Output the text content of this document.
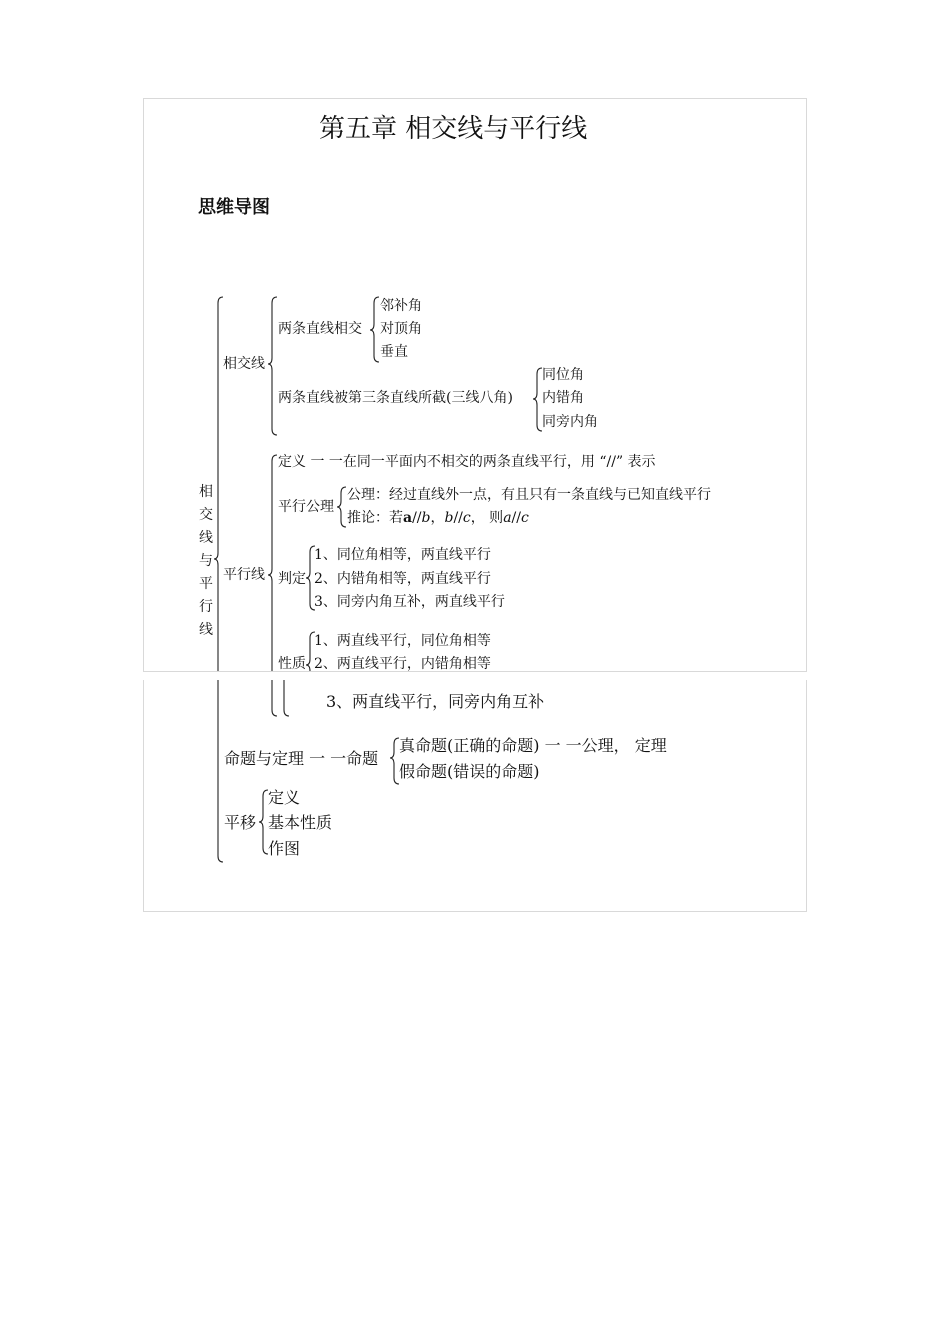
第五章 相交线与平行线
思维导图
相交线与平行线
相交线
两条直线相交
邻补角
对顶角
垂直
两条直线被第三条直线所截(三线八角)
同位角
内错角
同旁内角
平行线
定义 一 一在同一平面内不相交的两条直线平行，用 “//” 表示
平行公理
公理：经过直线外一点，有且只有一条直线与已知直线平行
推论：若a//b，b//c， 则a//c
判定
1、同位角相等，两直线平行
2、内错角相等，两直线平行
3、同旁内角互补，两直线平行
性质
1、两直线平行，同位角相等
2、两直线平行，内错角相等
3、两直线平行，同旁内角互补
命题与定理 一 一命题
真命题(正确的命题) 一 一公理， 定理
假命题(错误的命题)
平移
定义
基本性质
作图
